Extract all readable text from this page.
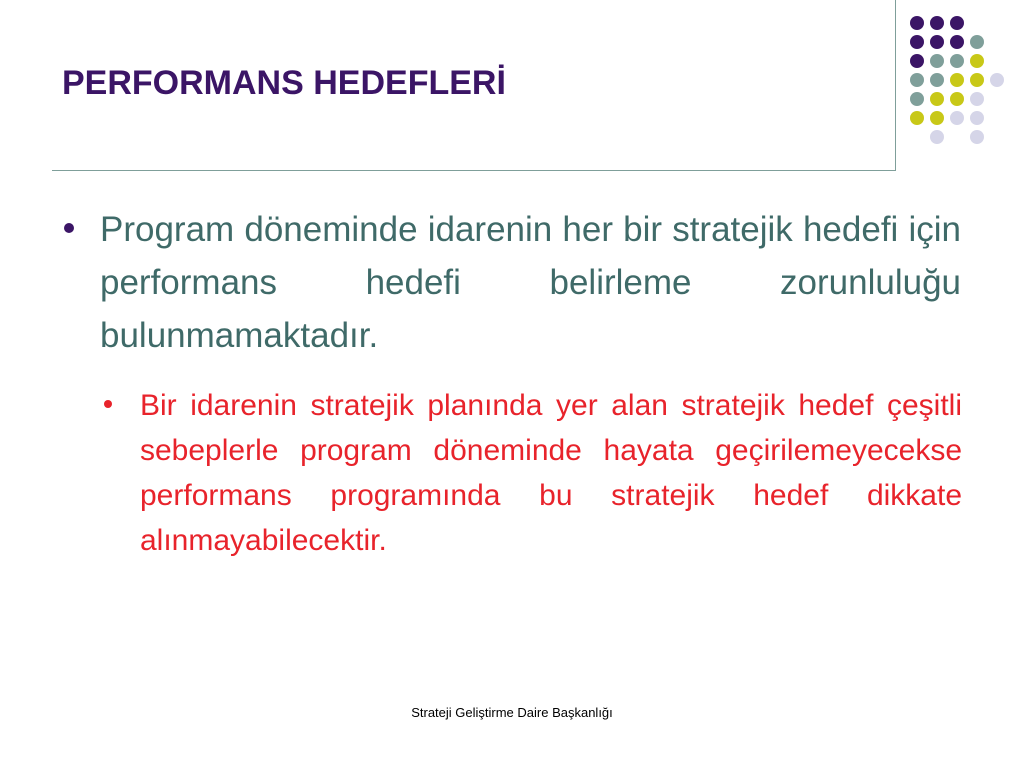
PERFORMANS HEDEFLERİ
Program döneminde idarenin her bir stratejik hedefi için performans hedefi belirleme zorunluluğu bulunmamaktadır.
Bir idarenin stratejik planında yer alan stratejik hedef çeşitli sebeplerle program döneminde hayata geçirilemeyecekse performans programında bu stratejik hedef dikkate alınmayabilecektir.
Strateji Geliştirme Daire Başkanlığı
